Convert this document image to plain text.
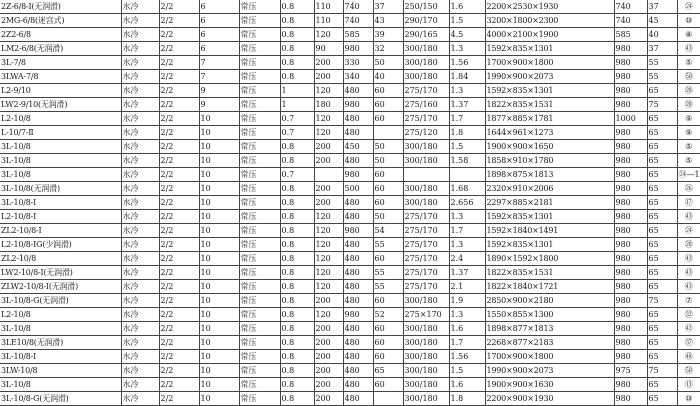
2Z-6/8-Ⅰ(无润滑)	水冷	2/2	6	常压	0.8	110	740	37	250/150	1.6	2200×2530×1930	740	37	㉔
2MG-6/8(迷宫式)	水冷	2/2	6	常压	0.8	110	740	43	290/170	1.5	3200×1800×2300	740	45	⑩
2Z2-6/8	水冷	2/2	6	常压	0.8	120	585	39	290/165	4.5	4000×2100×1900	585	40	⑧
LM2-6/8(无润滑)	水冷	2/2	6	常压	0.8	90	980	32	300/180	1.3	1592×835×1301	980	37	㊸
3L-7/8	水冷	2/2	7	常压	0.8	200	330	50	300/180	1.56	1700×900×1800	980	55	⑤
3LWA-7/8	水冷	2/2	7	常压	0.8	200	340	40	300/180	1.84	1990×900×2073	980	55	㊿
L2-9/10	水冷	2/2	9	常压	1	120	480	60	275/170	1.3	1592×835×1301	980	65	⑳
LW2-9/10(无润滑)	水冷	2/2	9	常压	1	180	980	60	275/160	1.37	1822×835×1531	980	75	⑳
L2-10/8	水冷	2/2	10	常压	0.7	120	480	60	275/170	1.7	1877×885×1781	1000	65	⑨
L-10/7-Ⅱ	水冷	2/2	10	常压	0.7	120	480		275/120	1.8	1644×961×1273	980	65	⑨
3L-10/8	水冷	2/2	10	常压	0.8	200	450	50	300/180	1.5	1900×900×1650	980	65	⑤
3L-10/8	水冷	2/2	10	常压	0.8	200	480	50	300/180	1.58	1858×910×1780	980	65	⑤
3L-10/8	水冷	2/2	10	常压	0.7		980	60			1898×875×1813	980	65	㉔—1
3L-10/8(无润滑)	水冷	2/2	10	常压	0.8	200	500	60	300/180	1.68	2320×910×2006	980	65	㉖
3L-10/8-Ⅰ	水冷	2/2	10	常压	0.8	200	480	60	300/180	2.656	2297×885×2181	980	65	⑰
L2-10/8-Ⅰ	水冷	2/2	10	常压	0.8	120	480	50	275/170	1.3	1592×835×1301	980	65	㊸
ZL2-10/8-Ⅰ	水冷	2/2	10	常压	0.8	120	980	54	275/170	1.7	1592×1840×1491	980	65	㉔
L2-10/8-ⅠG(少润滑)	水冷	2/2	10	常压	0.8	120	480	55	275/170	1.3	1592×835×1301	980	65	⑳
ZL2-10/8	水冷	2/2	10	常压	0.8	120	480	60	275/170	2.4	1890×1592×1800	980	65	㊸
LW2-10/8-Ⅰ(无润滑)	水冷	2/2	10	常压	0.8	120	480	55	275/170	1.37	1822×835×1531	980	65	㊸
ZLW2-10/8-Ⅰ(无润滑)	水冷	2/2	10	常压	0.8	120	480	55	275/170	2.1	1822×1840×1721	980	65	㊸
3L-10/8-G(无润滑)	水冷	2/2	10	常压	0.8	200	480	60	300/180	1.9	2850×900×2180	980	75	⑦
L2-10/8	水冷	2/2	10	常压	0.8	120	980	52	275×170	1.3	1550×855×1300	980	65	㉜
3L-10/8	水冷	2/2	10	常压	0.8	200	480	60	300/180	1.6	1898×877×1813	980	65	㊷
3LE10/8(无润滑)	水冷	2/2	10	常压	0.8	200	480	60	300/180	1.7	2268×877×2183	980	65	㊲
3L-10/8-Ⅰ	水冷	2/2	10	常压	0.8	200	480	60	300/180	1.56	1700×900×1800	980	65	㊽
3LW-10/8	水冷	2/2	10	常压	0.8	200	480	65	300/180	1.5	1990×900×2073	975	75	㊿
3L-10/8	水冷	2/2	10	常压	0.8	200	480	60	300/180	1.6	1900×900×1630	980	65	⑬
3L-10/8-G(无润滑)	水冷	2/2	10	常压	0.8	200	480		300/180	1.8	2200×900×1930	980	65	⑩
